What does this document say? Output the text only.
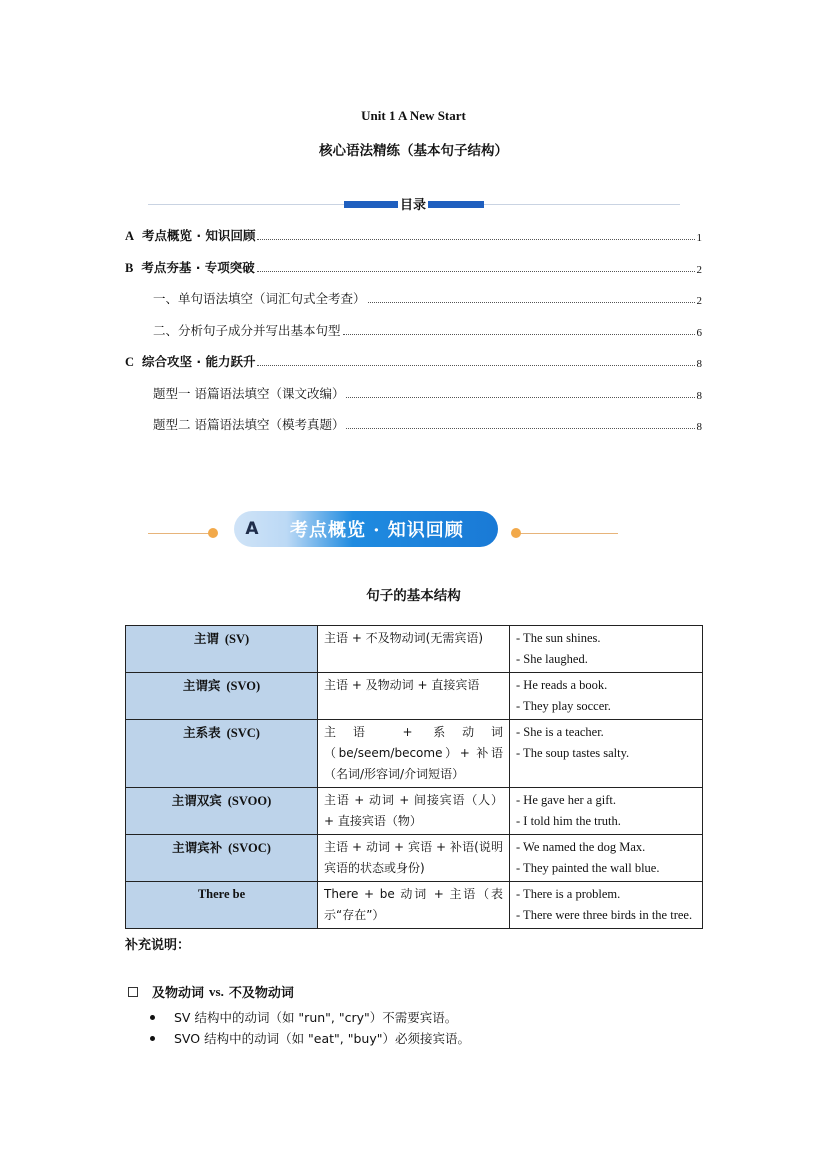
Unit 1 A New Start
核心语法精练（基本句子结构）
目录
A 考点概览 · 知识回顾	1
B 考点夯基 · 专项突破	2
一、单句语法填空（词汇句式全考查）	2
二、分析句子成分并写出基本句型	6
C 综合攻坚 · 能力跃升	8
题型一 语篇语法填空（课文改编）	8
题型二 语篇语法填空（模考真题）	8
A	考点概览 · 知识回顾
句子的基本结构
主谓 (SV)	主语 + 不及物动词(无需宾语)	- The sun shines.
- She laughed.

主谓宾 (SVO)	主语 + 及物动词 + 直接宾语	- He reads a book.
- They play soccer.

主系表 (SVC)	主语 + 系动词（be/seem/become）+ 补语（名词/形容词/介词短语）	- She is a teacher.
- The soup tastes salty.

主谓双宾 (SVOO)	主语 + 动词 + 间接宾语（人） + 直接宾语（物）	- He gave her a gift.
- I told him the truth.

主谓宾补 (SVOC)	主语 + 动词 + 宾语 + 补语(说明宾语的状态或身份)	- We named the dog Max.
- They painted the wall blue.

There be	There + be 动词 + 主语（表示“存在”）	- There is a problem.
- There were three birds in the tree.
补充说明：
及物动词 vs. 不及物动词
SV 结构中的动词（如 "run", "cry"）不需要宾语。
SVO 结构中的动词（如 "eat", "buy"）必须接宾语。
